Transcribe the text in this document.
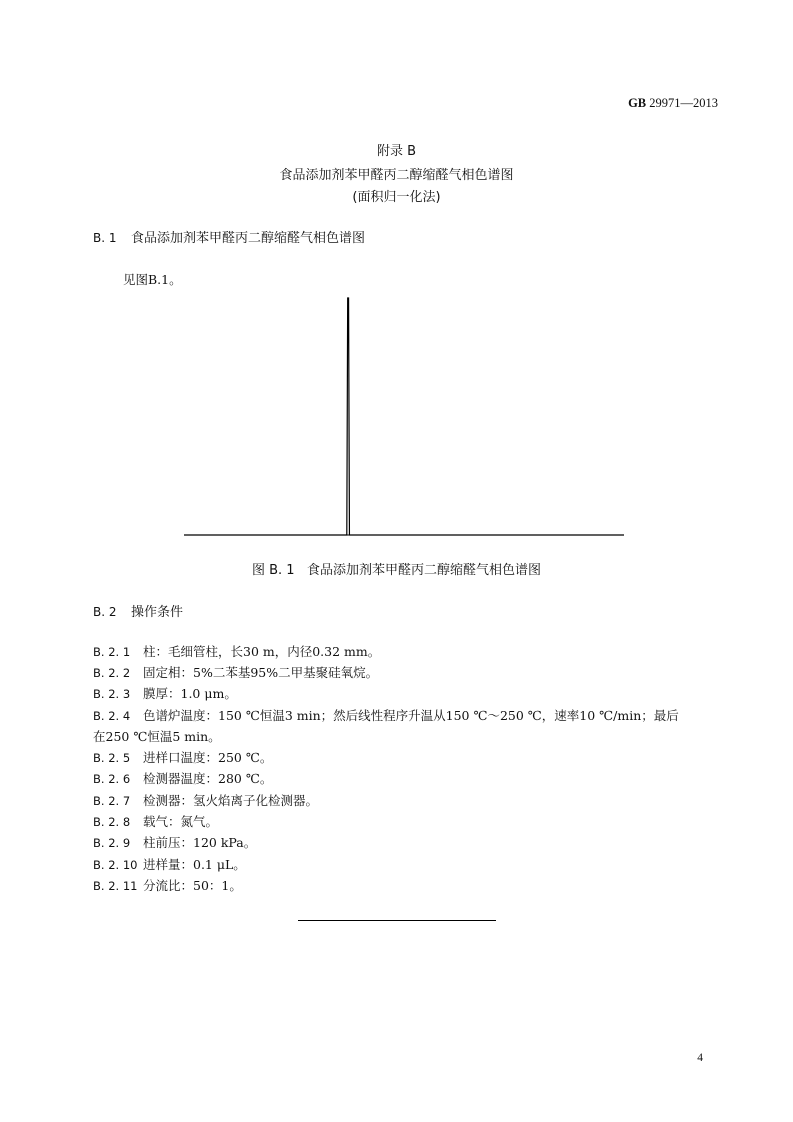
GB 29971—2013
附录 B
食品添加剂苯甲醛丙二醇缩醛气相色谱图
(面积归一化法)
B. 1 食品添加剂苯甲醛丙二醇缩醛气相色谱图
见图B.1。
图 B. 1 食品添加剂苯甲醛丙二醇缩醛气相色谱图
B. 2 操作条件
B. 2. 1 柱：毛细管柱，长30 m，内径0.32 mm。
B. 2. 2 固定相：5%二苯基95%二甲基聚硅氧烷。
B. 2. 3 膜厚：1.0 μm。
B. 2. 4 色谱炉温度：150 ℃恒温3 min；然后线性程序升温从150 ℃～250 ℃，速率10 ℃/min；最后
在250 ℃恒温5 min。
B. 2. 5 进样口温度：250 ℃。
B. 2. 6 检测器温度：280 ℃。
B. 2. 7 检测器：氢火焰离子化检测器。
B. 2. 8 载气：氮气。
B. 2. 9 柱前压：120 kPa。
B. 2. 10 进样量：0.1 μL。
B. 2. 11 分流比：50：1。
4
